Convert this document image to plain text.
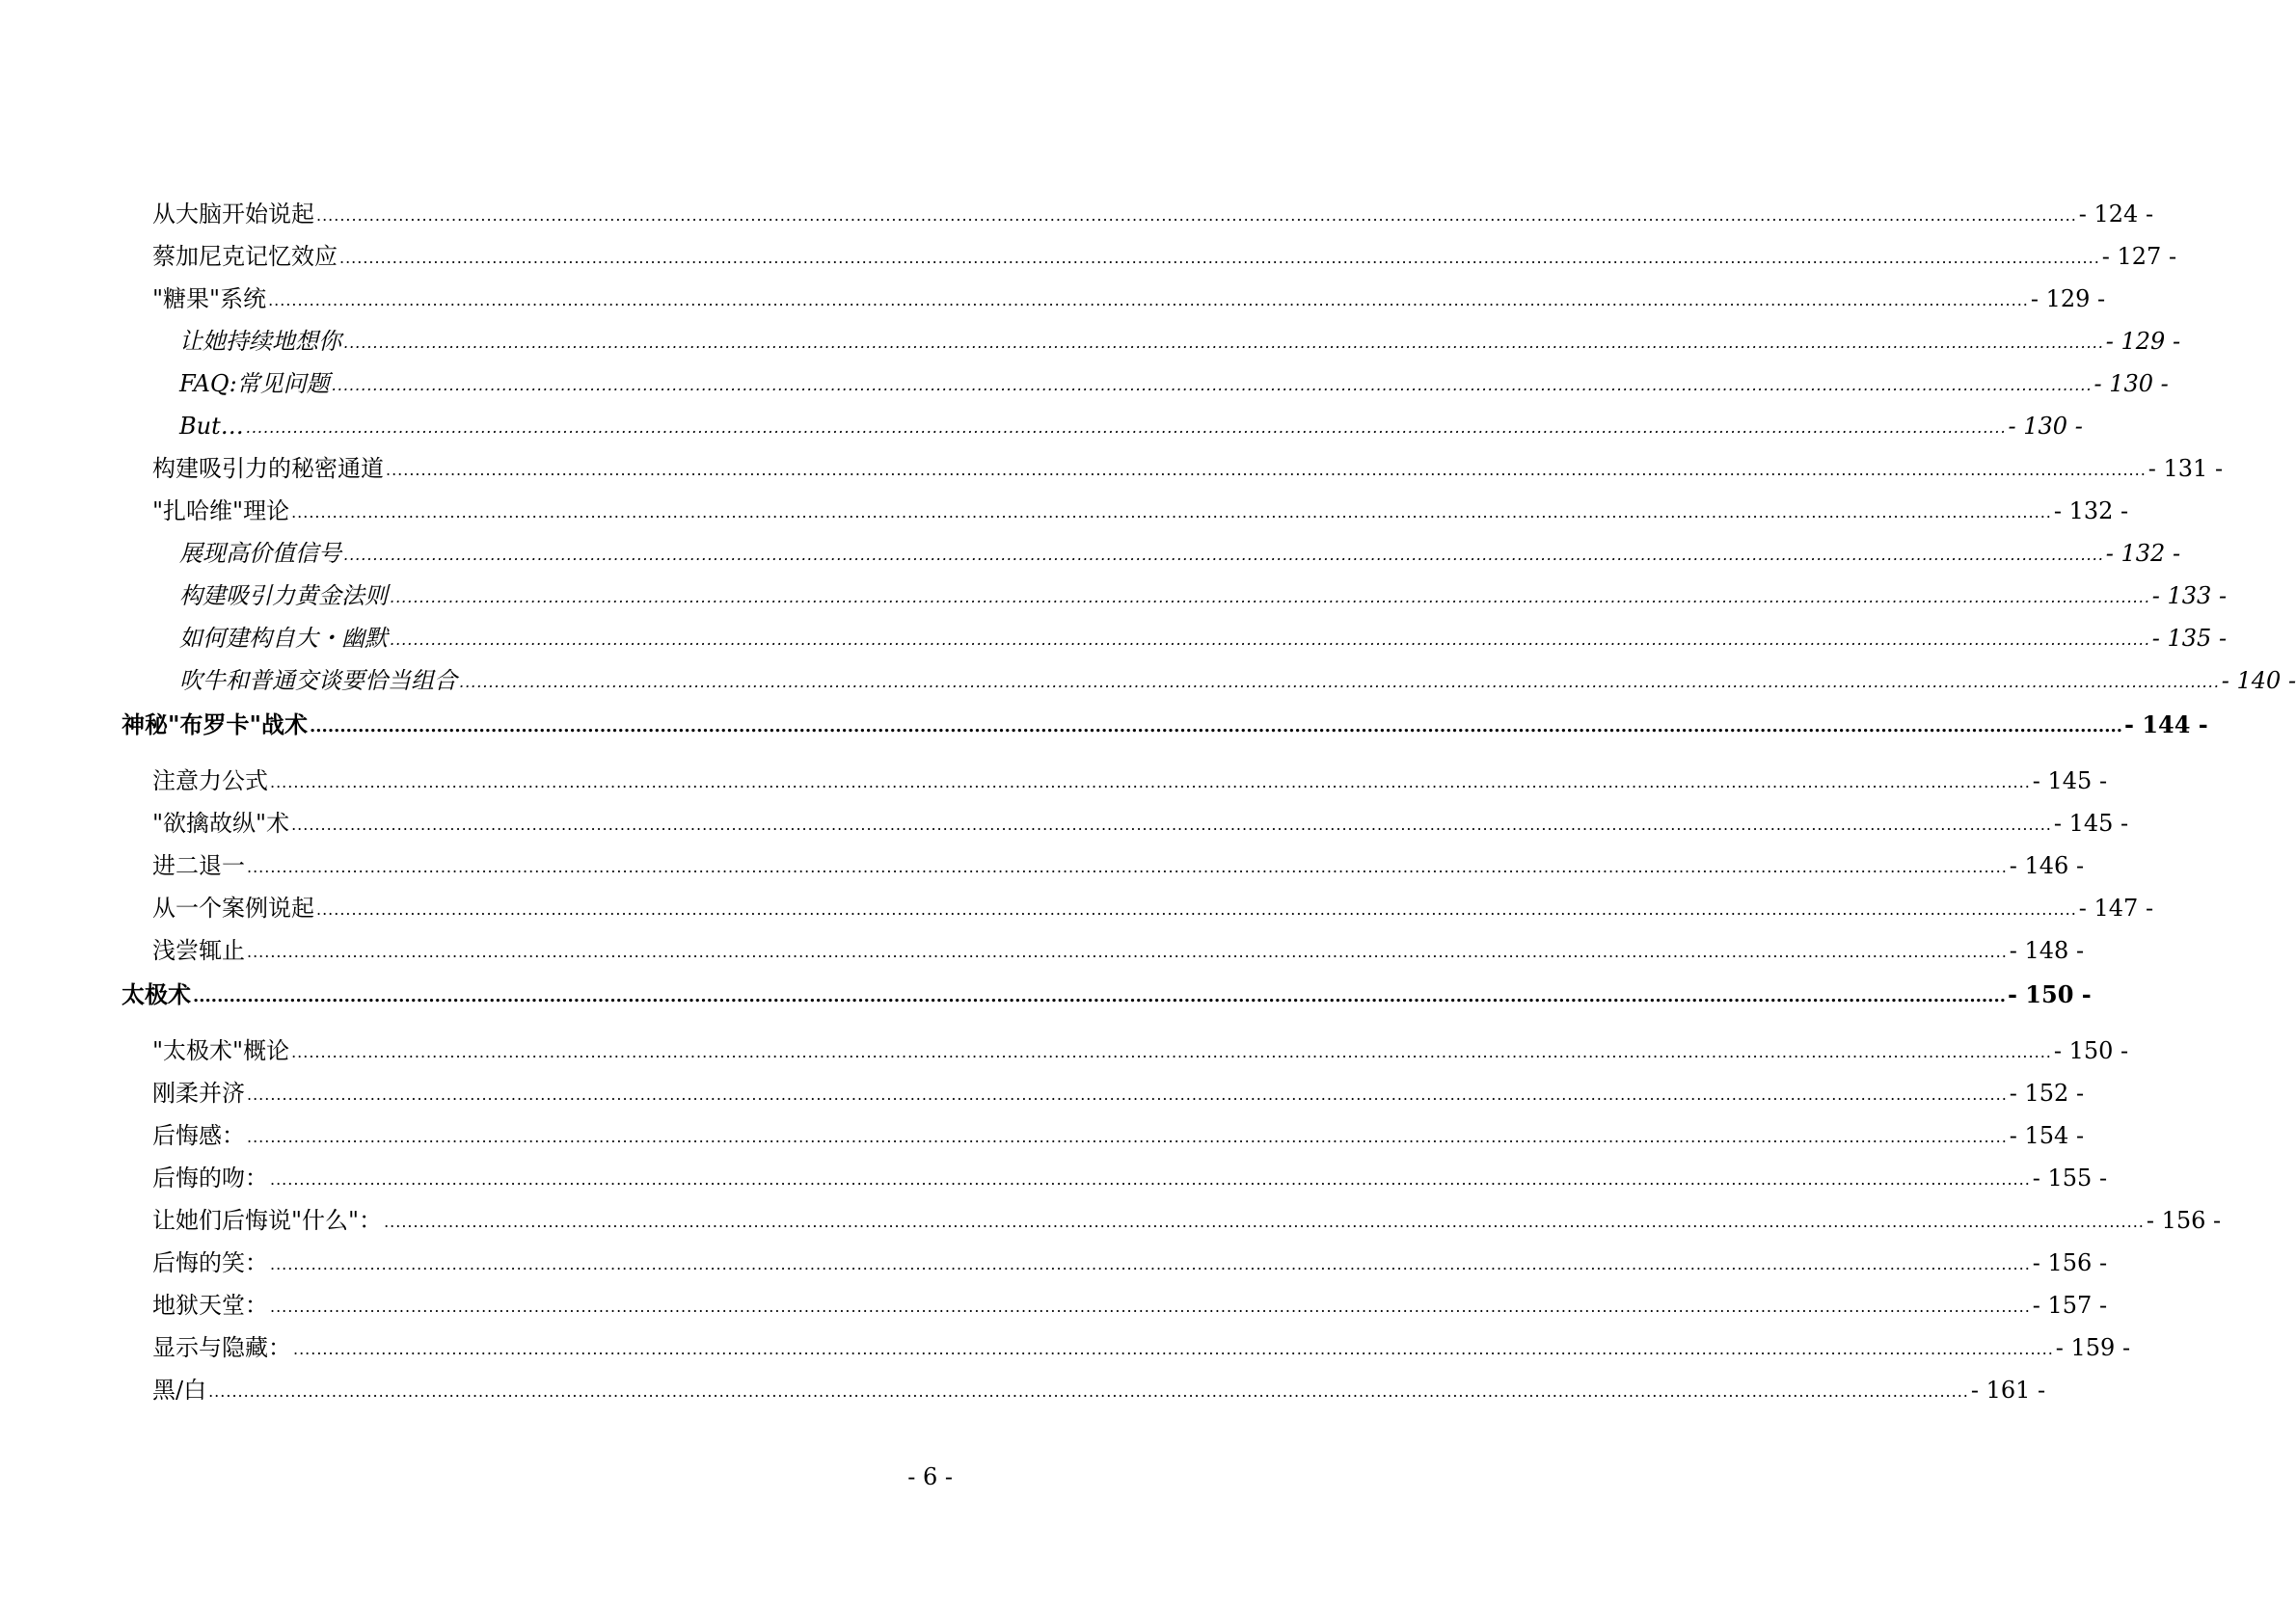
从大脑开始说起 ............................................................................................................................................................................................................................................................................................................ - 124 -
蔡加尼克记忆效应 ............................................................................................................................................................................................................................................................................................................ - 127 -
"糖果"系统 ............................................................................................................................................................................................................................................................................................................ - 129 -
让她持续地想你 ............................................................................................................................................................................................................................................................................................................ - 129 -
FAQ:常见问题 ............................................................................................................................................................................................................................................................................................................ - 130 -
But… ............................................................................................................................................................................................................................................................................................................ - 130 -
构建吸引力的秘密通道 ............................................................................................................................................................................................................................................................................................................ - 131 -
"扎哈维"理论 ............................................................................................................................................................................................................................................................................................................ - 132 -
展现高价值信号 ............................................................................................................................................................................................................................................................................................................ - 132 -
构建吸引力黄金法则 ............................................................................................................................................................................................................................................................................................................ - 133 -
如何建构自大・幽默 ............................................................................................................................................................................................................................................................................................................ - 135 -
吹牛和普通交谈要恰当组合 ............................................................................................................................................................................................................................................................................................................ - 140 -
神秘"布罗卡"战术 ............................................................................................................................................................................................................................................................................................................ - 144 -
注意力公式 ............................................................................................................................................................................................................................................................................................................ - 145 -
"欲擒故纵"术 ............................................................................................................................................................................................................................................................................................................ - 145 -
进二退一 ............................................................................................................................................................................................................................................................................................................ - 146 -
从一个案例说起 ............................................................................................................................................................................................................................................................................................................ - 147 -
浅尝辄止 ............................................................................................................................................................................................................................................................................................................ - 148 -
太极术 ............................................................................................................................................................................................................................................................................................................ - 150 -
"太极术"概论 ............................................................................................................................................................................................................................................................................................................ - 150 -
刚柔并济 ............................................................................................................................................................................................................................................................................................................ - 152 -
后悔感： ............................................................................................................................................................................................................................................................................................................ - 154 -
后悔的吻： ............................................................................................................................................................................................................................................................................................................ - 155 -
让她们后悔说"什么"： ............................................................................................................................................................................................................................................................................................................ - 156 -
后悔的笑： ............................................................................................................................................................................................................................................................................................................ - 156 -
地狱天堂： ............................................................................................................................................................................................................................................................................................................ - 157 -
显示与隐藏： ............................................................................................................................................................................................................................................................................................................ - 159 -
黑/白 ............................................................................................................................................................................................................................................................................................................ - 161 -
- 6 -
